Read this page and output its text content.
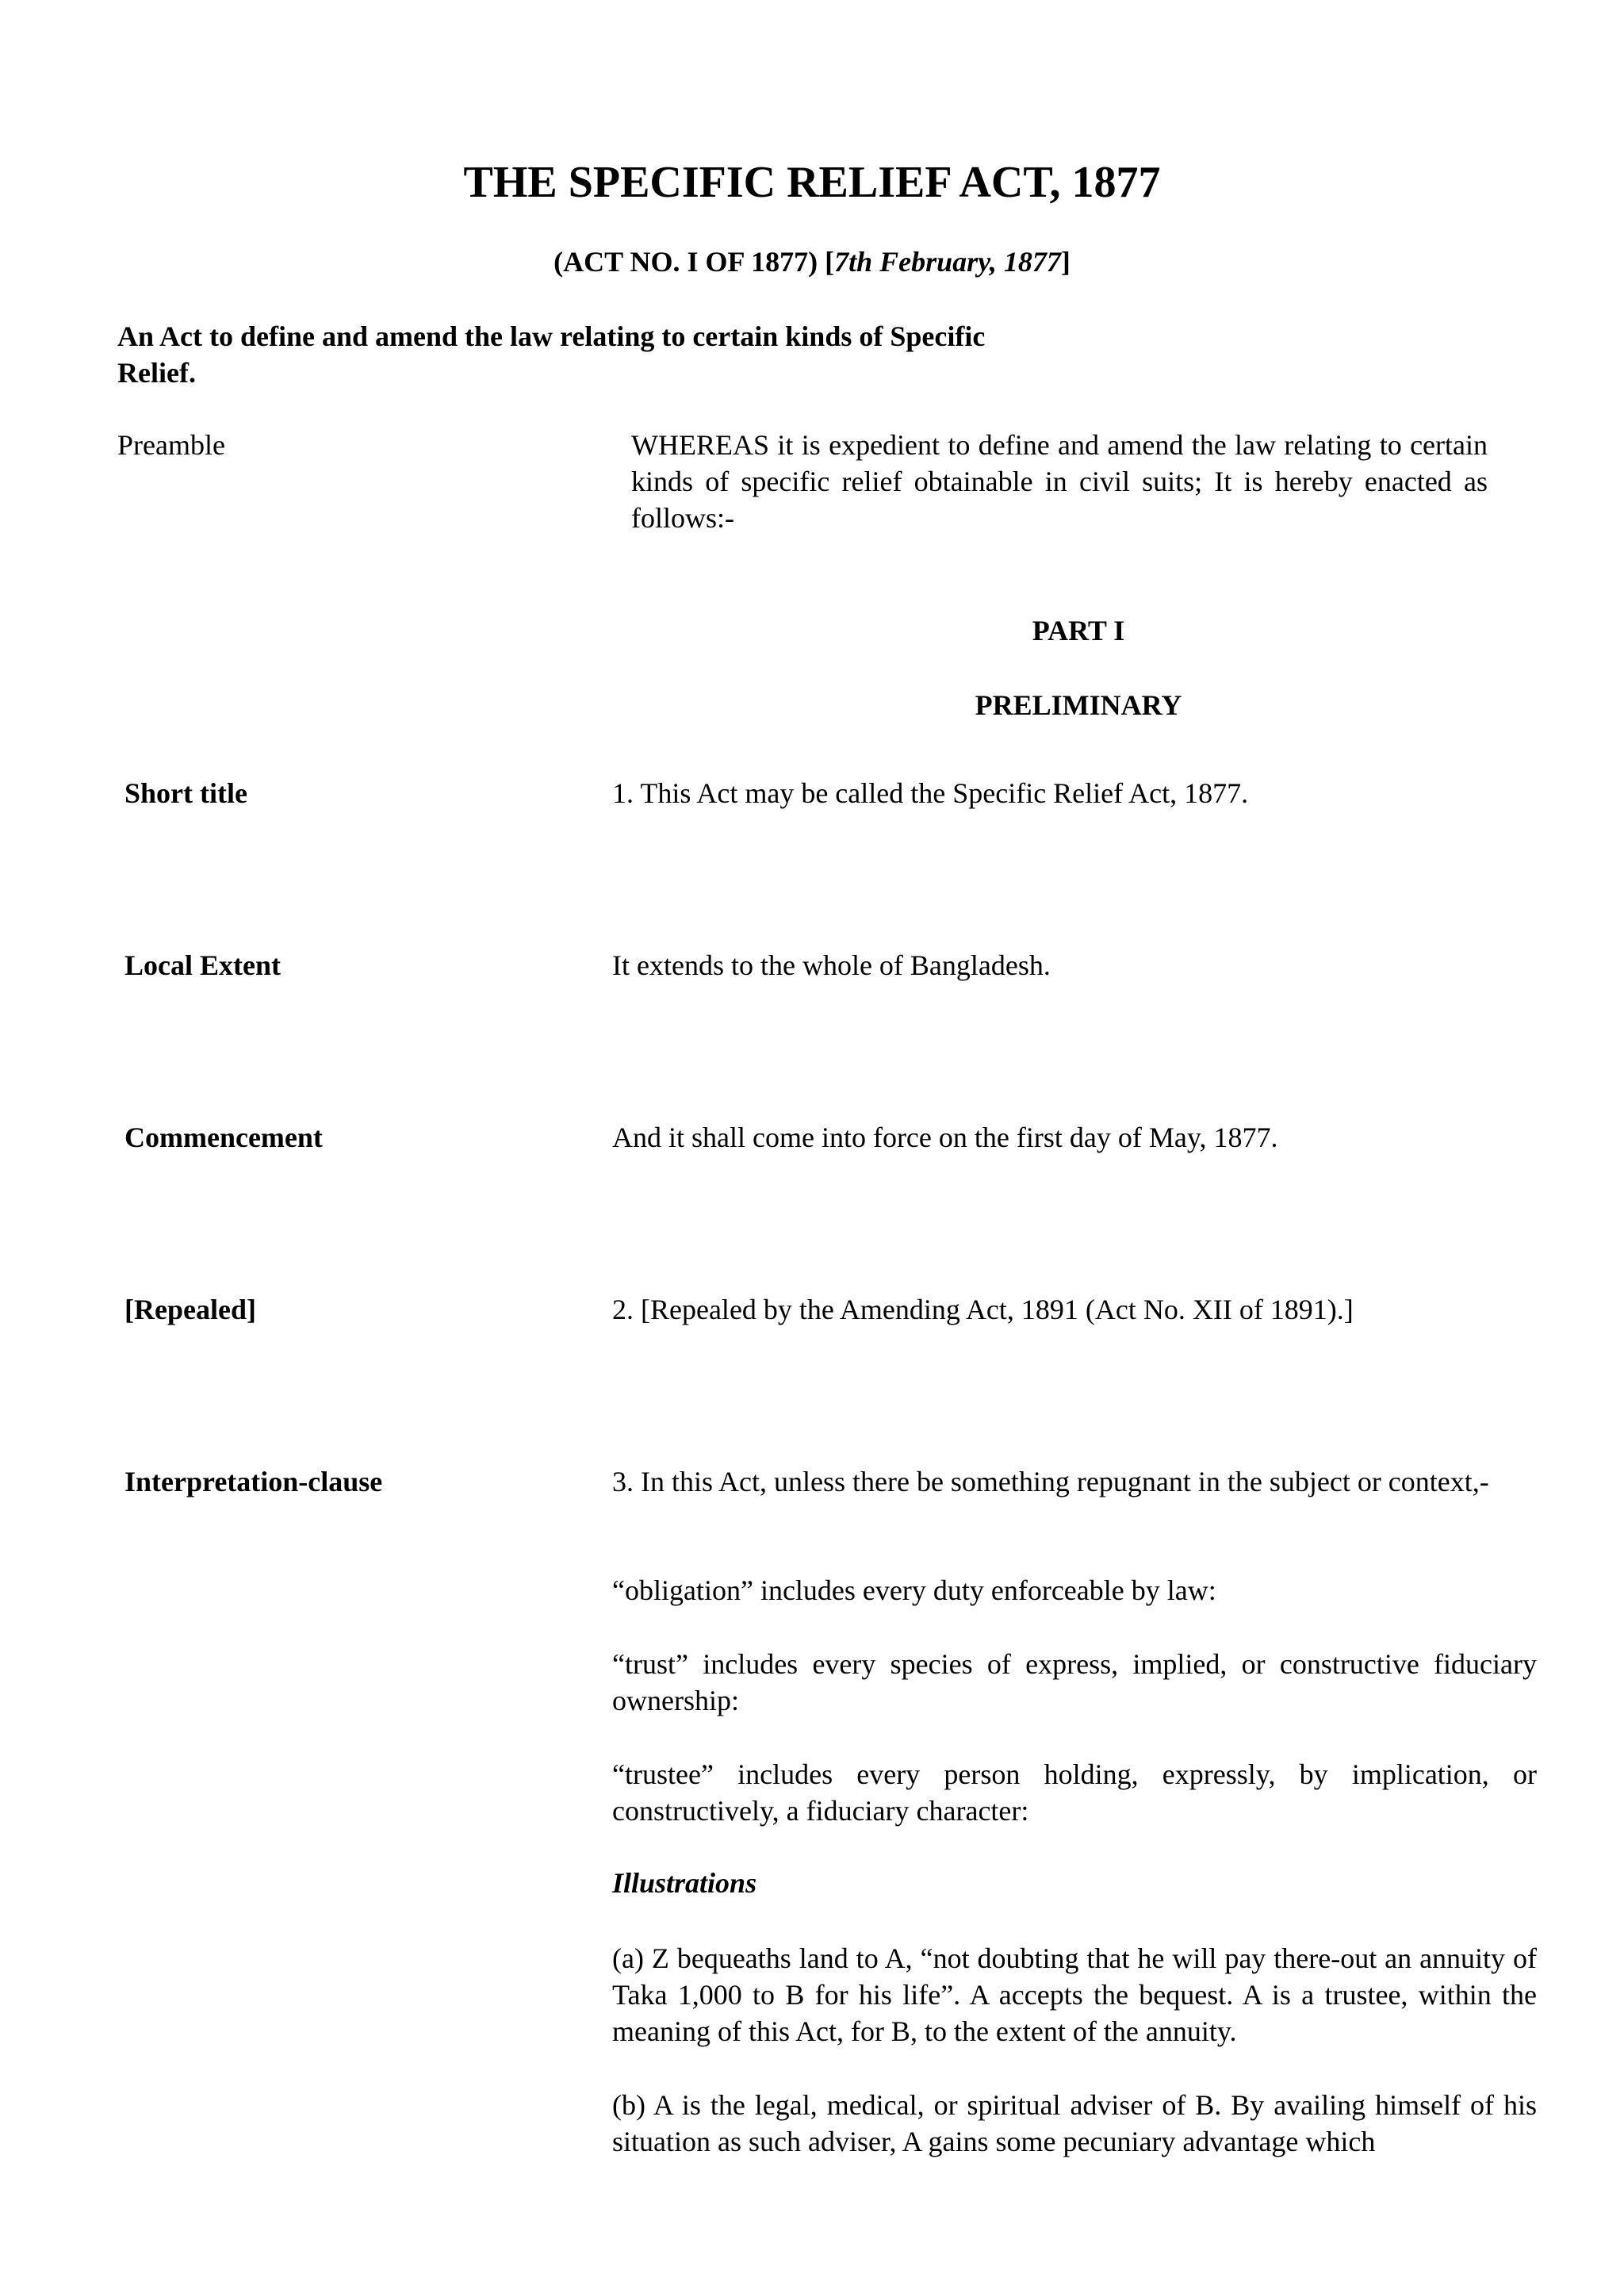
THE SPECIFIC RELIEF ACT, 1877
(ACT NO. I OF 1877) [7th February, 1877]
An Act to define and amend the law relating to certain kinds of Specific Relief.
Preamble	WHEREAS it is expedient to define and amend the law relating to certain kinds of specific relief obtainable in civil suits; It is hereby enacted as follows:-
PART I
PRELIMINARY
Short title	1. This Act may be called the Specific Relief Act, 1877.
Local Extent	It extends to the whole of Bangladesh.
Commencement	And it shall come into force on the first day of May, 1877.
[Repealed]	2. [Repealed by the Amending Act, 1891 (Act No. XII of 1891).]
Interpretation-clause	3. In this Act, unless there be something repugnant in the subject or context,-
“obligation” includes every duty enforceable by law:
“trust” includes every species of express, implied, or constructive fiduciary ownership:
“trustee” includes every person holding, expressly, by implication, or constructively, a fiduciary character:
Illustrations
(a) Z bequeaths land to A, “not doubting that he will pay there-out an annuity of Taka 1,000 to B for his life”. A accepts the bequest. A is a trustee, within the meaning of this Act, for B, to the extent of the annuity.
(b) A is the legal, medical, or spiritual adviser of B. By availing himself of his situation as such adviser, A gains some pecuniary advantage which
